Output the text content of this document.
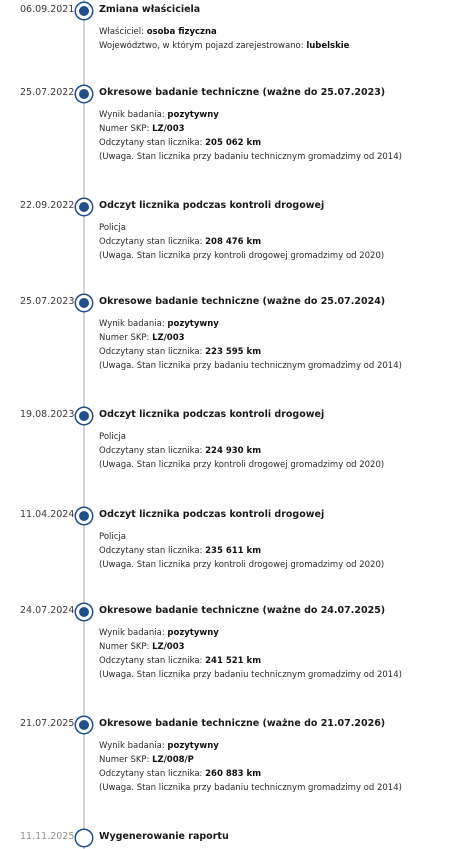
06.09.2021	Zmiana właściciela
Właściciel: osoba fizyczna
Województwo, w którym pojazd zarejestrowano: lubelskie
25.07.2022	Okresowe badanie techniczne (ważne do 25.07.2023)
Wynik badania: pozytywny
Numer SKP: LZ/003
Odczytany stan licznika: 205 062 km
(Uwaga. Stan licznika przy badaniu technicznym gromadzimy od 2014)
22.09.2022	Odczyt licznika podczas kontroli drogowej
Policja
Odczytany stan licznika: 208 476 km
(Uwaga. Stan licznika przy kontroli drogowej gromadzimy od 2020)
25.07.2023	Okresowe badanie techniczne (ważne do 25.07.2024)
Wynik badania: pozytywny
Numer SKP: LZ/003
Odczytany stan licznika: 223 595 km
(Uwaga. Stan licznika przy badaniu technicznym gromadzimy od 2014)
19.08.2023	Odczyt licznika podczas kontroli drogowej
Policja
Odczytany stan licznika: 224 930 km
(Uwaga. Stan licznika przy kontroli drogowej gromadzimy od 2020)
11.04.2024	Odczyt licznika podczas kontroli drogowej
Policja
Odczytany stan licznika: 235 611 km
(Uwaga. Stan licznika przy kontroli drogowej gromadzimy od 2020)
24.07.2024	Okresowe badanie techniczne (ważne do 24.07.2025)
Wynik badania: pozytywny
Numer SKP: LZ/003
Odczytany stan licznika: 241 521 km
(Uwaga. Stan licznika przy badaniu technicznym gromadzimy od 2014)
21.07.2025	Okresowe badanie techniczne (ważne do 21.07.2026)
Wynik badania: pozytywny
Numer SKP: LZ/008/P
Odczytany stan licznika: 260 883 km
(Uwaga. Stan licznika przy badaniu technicznym gromadzimy od 2014)
11.11.2025	Wygenerowanie raportu
